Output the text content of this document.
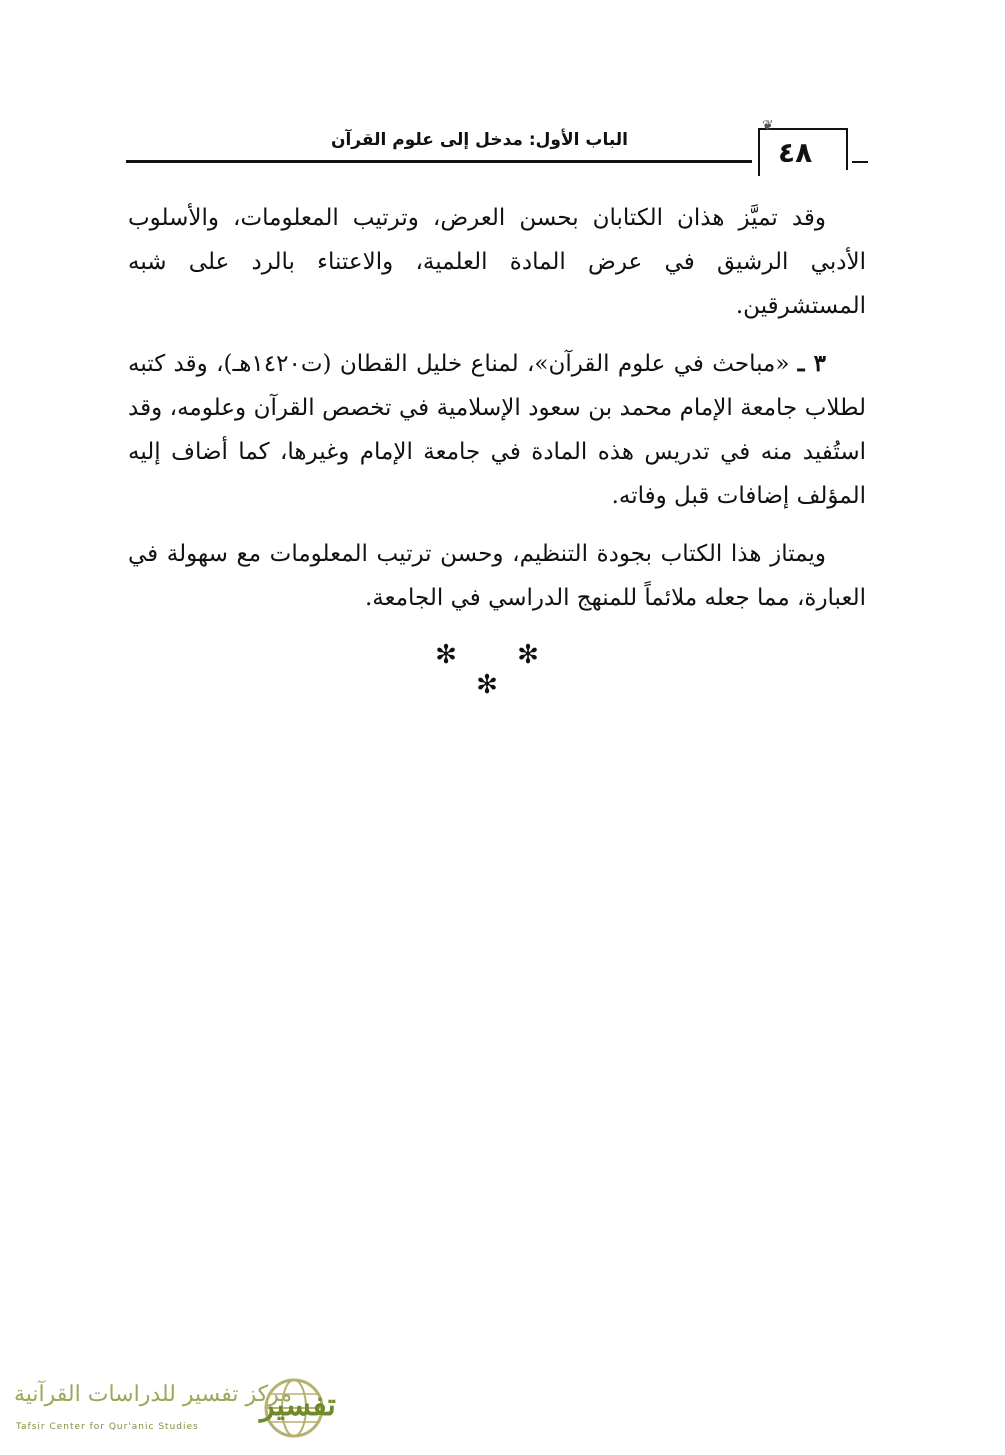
الباب الأول: مدخل إلى علوم القرآن	٤٨
❦

وقد تميَّز هذان الكتابان بحسن العرض، وترتيب المعلومات، والأسلوب الأدبي الرشيق في عرض المادة العلمية، والاعتناء بالرد على شبه المستشرقين.

٣ ـ «مباحث في علوم القرآن»، لمناع خليل القطان (ت١٤٢٠هـ)، وقد كتبه لطلاب جامعة الإمام محمد بن سعود الإسلامية في تخصص القرآن وعلومه، وقد استُفيد منه في تدريس هذه المادة في جامعة الإمام وغيرها، كما أضاف إليه المؤلف إضافات قبل وفاته.

ويمتاز هذا الكتاب بجودة التنظيم، وحسن ترتيب المعلومات مع سهولة في العبارة، مما جعله ملائماً للمنهج الدراسي في الجامعة.

✻ ✻ ✻
مركز تفسير للدراسات القرآنية
Tafsir Center for Qur'anic Studies
تفسير
